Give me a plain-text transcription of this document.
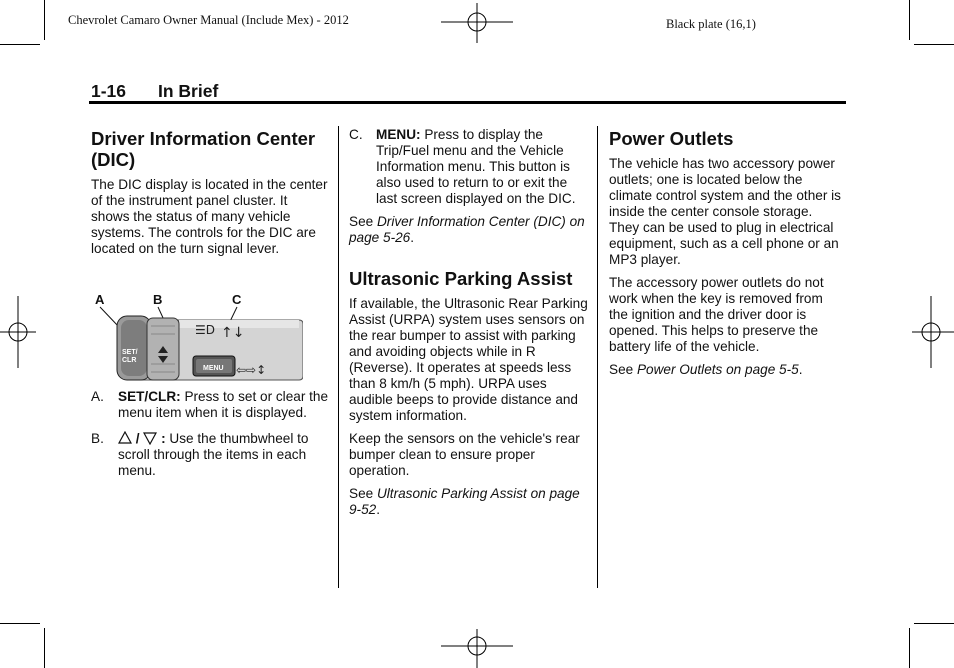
Chevrolet Camaro Owner Manual (Include Mex) - 2012	Black plate (16,1)
1-16 In Brief
Driver Information Center (DIC)

The DIC display is located in the center of the instrument panel cluster. It shows the status of many vehicle systems. The controls for the DIC are located on the turn signal lever.

A	B	C
SET/
CLR
☰D ↑↓
⇦⇨↕
MENU
A. SET/CLR: Press to set or clear the menu item when it is displayed.
B. /  : Use the thumbwheel to scroll through the items in each menu.
C. MENU: Press to display the Trip/Fuel menu and the Vehicle Information menu. This button is also used to return to or exit the last screen displayed on the DIC.

See Driver Information Center (DIC) on page 5-26.

Ultrasonic Parking Assist

If available, the Ultrasonic Rear Parking Assist (URPA) system uses sensors on the rear bumper to assist with parking and avoiding objects while in R (Reverse). It operates at speeds less than 8 km/h (5 mph). URPA uses audible beeps to provide distance and system information.

Keep the sensors on the vehicle's rear bumper clean to ensure proper operation.

See Ultrasonic Parking Assist on page 9-52.

Power Outlets

The vehicle has two accessory power outlets; one is located below the climate control system and the other is inside the center console storage. They can be used to plug in electrical equipment, such as a cell phone or an MP3 player.

The accessory power outlets do not work when the key is removed from the ignition and the driver door is opened. This helps to preserve the battery life of the vehicle.

See Power Outlets on page 5-5.
